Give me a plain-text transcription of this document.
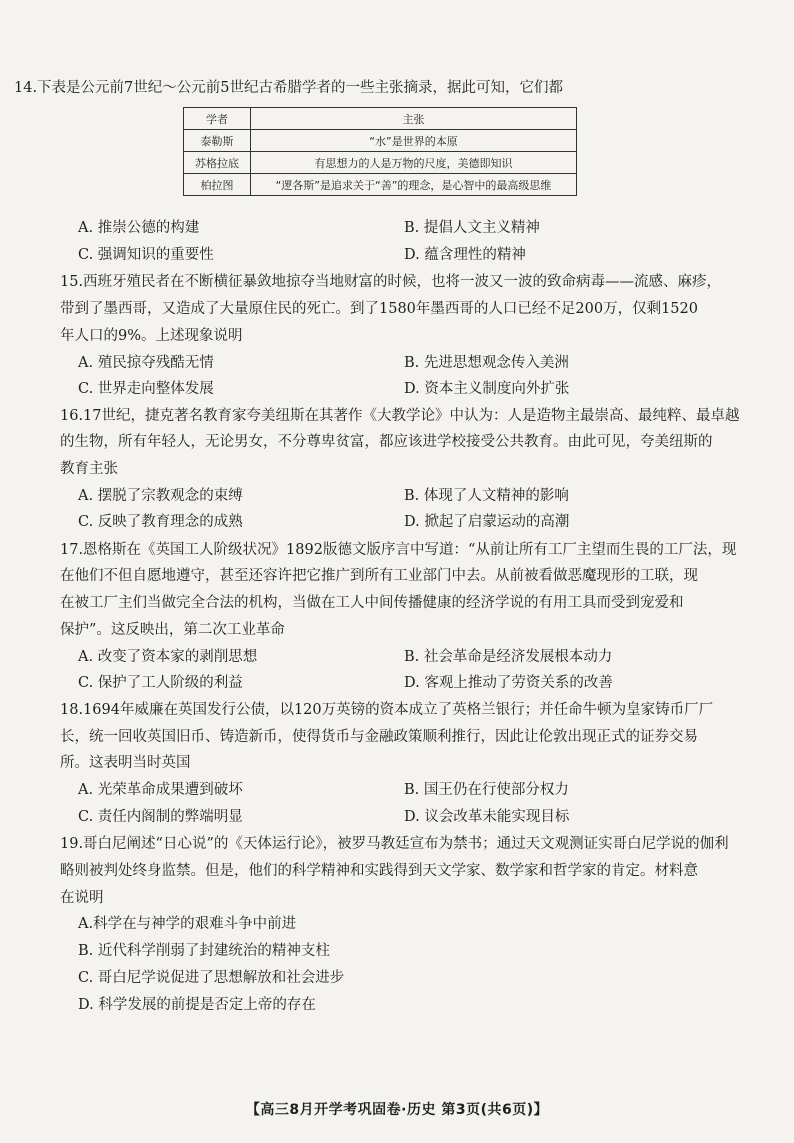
14.下表是公元前7世纪～公元前5世纪古希腊学者的一些主张摘录，据此可知，它们都
学者	主张
泰勒斯	“水”是世界的本原
苏格拉底	有思想力的人是万物的尺度，美德即知识
柏拉图	“逻各斯”是追求关于“善”的理念，是心智中的最高级思维
A. 推崇公德的构建	B. 提倡人文主义精神
C. 强调知识的重要性	D. 蕴含理性的精神
15.西班牙殖民者在不断横征暴敛地掠夺当地财富的时候，也将一波又一波的致命病毒——流感、麻疹，
带到了墨西哥，又造成了大量原住民的死亡。到了1580年墨西哥的人口已经不足200万，仅剩1520
年人口的9%。上述现象说明
A. 殖民掠夺残酷无情	B. 先进思想观念传入美洲
C. 世界走向整体发展	D. 资本主义制度向外扩张
16.17世纪，捷克著名教育家夸美纽斯在其著作《大教学论》中认为：人是造物主最崇高、最纯粹、最卓越
的生物，所有年轻人，无论男女，不分尊卑贫富，都应该进学校接受公共教育。由此可见，夸美纽斯的
教育主张
A. 摆脱了宗教观念的束缚	B. 体现了人文精神的影响
C. 反映了教育理念的成熟	D. 掀起了启蒙运动的高潮
17.恩格斯在《英国工人阶级状况》1892版德文版序言中写道：“从前让所有工厂主望而生畏的工厂法，现
在他们不但自愿地遵守，甚至还容许把它推广到所有工业部门中去。从前被看做恶魔现形的工联，现
在被工厂主们当做完全合法的机构，当做在工人中间传播健康的经济学说的有用工具而受到宠爱和
保护”。这反映出，第二次工业革命
A. 改变了资本家的剥削思想	B. 社会革命是经济发展根本动力
C. 保护了工人阶级的利益	D. 客观上推动了劳资关系的改善
18.1694年威廉在英国发行公债，以120万英镑的资本成立了英格兰银行；并任命牛顿为皇家铸币厂厂
长，统一回收英国旧币、铸造新币，使得货币与金融政策顺利推行，因此让伦敦出现正式的证券交易
所。这表明当时英国
A. 光荣革命成果遭到破坏	B. 国王仍在行使部分权力
C. 责任内阁制的弊端明显	D. 议会改革未能实现目标
19.哥白尼阐述“日心说”的《天体运行论》，被罗马教廷宣布为禁书；通过天文观测证实哥白尼学说的伽利
略则被判处终身监禁。但是，他们的科学精神和实践得到天文学家、数学家和哲学家的肯定。材料意
在说明
A.科学在与神学的艰难斗争中前进
B. 近代科学削弱了封建统治的精神支柱
C. 哥白尼学说促进了思想解放和社会进步
D. 科学发展的前提是否定上帝的存在
【高三8月开学考巩固卷·历史 第3页(共6页)】
